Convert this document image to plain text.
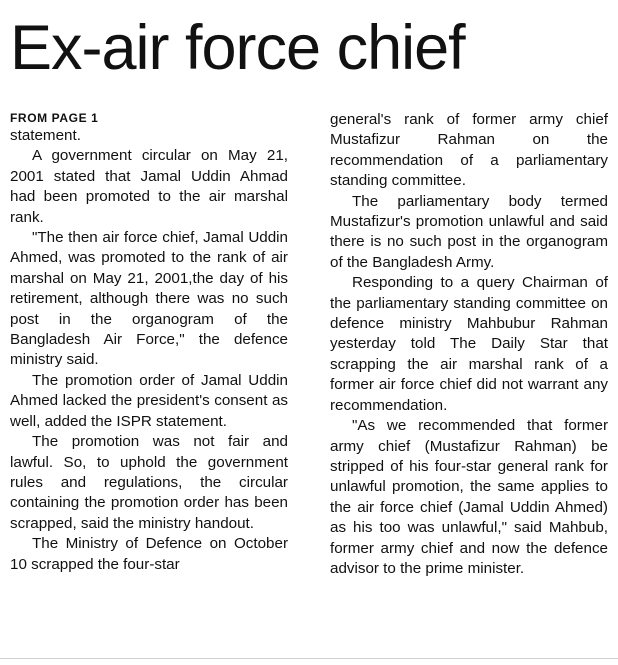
Ex-air force chief
FROM PAGE 1

statement.

A government circular on May 21, 2001 stated that Jamal Uddin Ahmad had been promoted to the air marshal rank.

"The then air force chief, Jamal Uddin Ahmed, was promoted to the rank of air marshal on May 21, 2001,the day of his retirement, although there was no such post in the organogram of the Bangladesh Air Force," the defence ministry said.

The promotion order of Jamal Uddin Ahmed lacked the president's consent as well, added the ISPR statement.

The promotion was not fair and lawful. So, to uphold the government rules and regulations, the circular containing the promotion order has been scrapped, said the ministry handout.

The Ministry of Defence on October 10 scrapped the four-star

general's rank of former army chief Mustafizur Rahman on the recommendation of a parliamentary standing committee.

The parliamentary body termed Mustafizur's promotion unlawful and said there is no such post in the organogram of the Bangladesh Army.

Responding to a query Chairman of the parliamentary standing committee on defence ministry Mahbubur Rahman yesterday told The Daily Star that scrapping the air marshal rank of a former air force chief did not warrant any recommendation.

"As we recommended that former army chief (Mustafizur Rahman) be stripped of his four-star general rank for unlawful promotion, the same applies to the air force chief (Jamal Uddin Ahmed) as his too was unlawful," said Mahbub, former army chief and now the defence advisor to the prime minister.
